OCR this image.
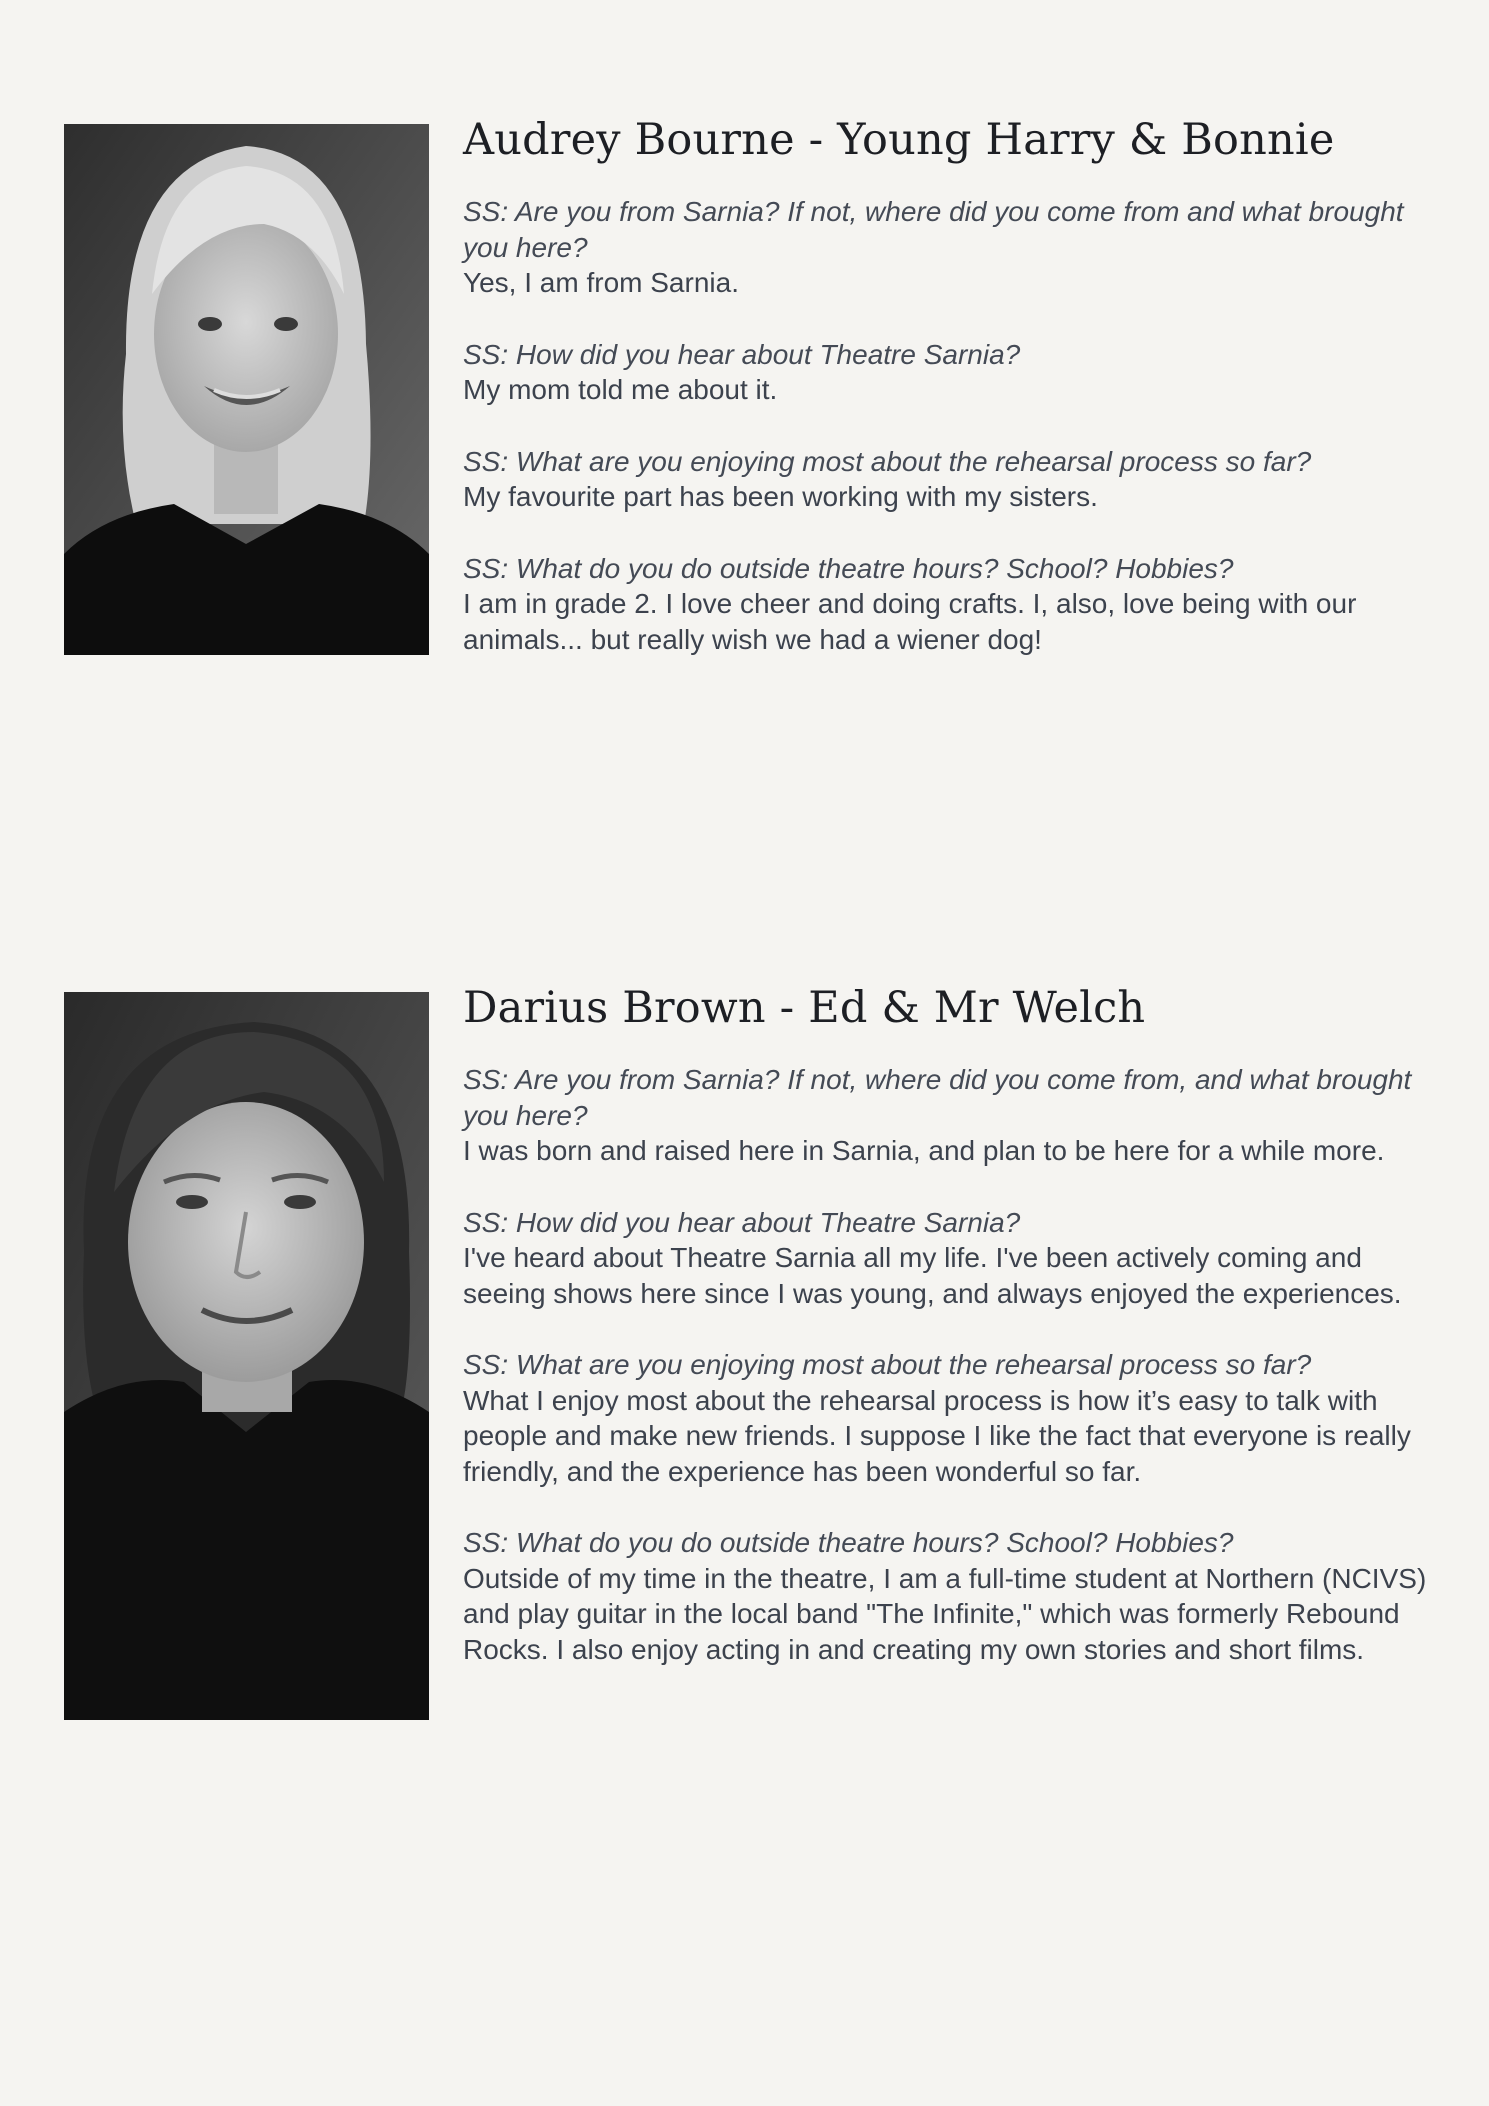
Audrey Bourne - Young Harry & Bonnie

SS: Are you from Sarnia? If not, where did you come from and what brought you here?

Yes, I am from Sarnia.

SS: How did you hear about Theatre Sarnia?

My mom told me about it.

SS: What are you enjoying most about the rehearsal process so far?

My favourite part has been working with my sisters.

SS: What do you do outside theatre hours? School? Hobbies?

I am in grade 2. I love cheer and doing crafts. I, also, love being with our animals... but really wish we had a wiener dog!

Darius Brown - Ed & Mr Welch

SS: Are you from Sarnia? If not, where did you come from, and what brought you here?

I was born and raised here in Sarnia, and plan to be here for a while more.

SS: How did you hear about Theatre Sarnia?

I've heard about Theatre Sarnia all my life. I've been actively coming and seeing shows here since I was young, and always enjoyed the experiences.

SS: What are you enjoying most about the rehearsal process so far?

What I enjoy most about the rehearsal process is how it’s easy to talk with people and make new friends. I suppose I like the fact that everyone is really friendly, and the experience has been wonderful so far.

SS: What do you do outside theatre hours? School? Hobbies?

Outside of my time in the theatre, I am a full-time student at Northern (NCIVS) and play guitar in the local band "The Infinite," which was formerly Rebound Rocks. I also enjoy acting in and creating my own stories and short films.
